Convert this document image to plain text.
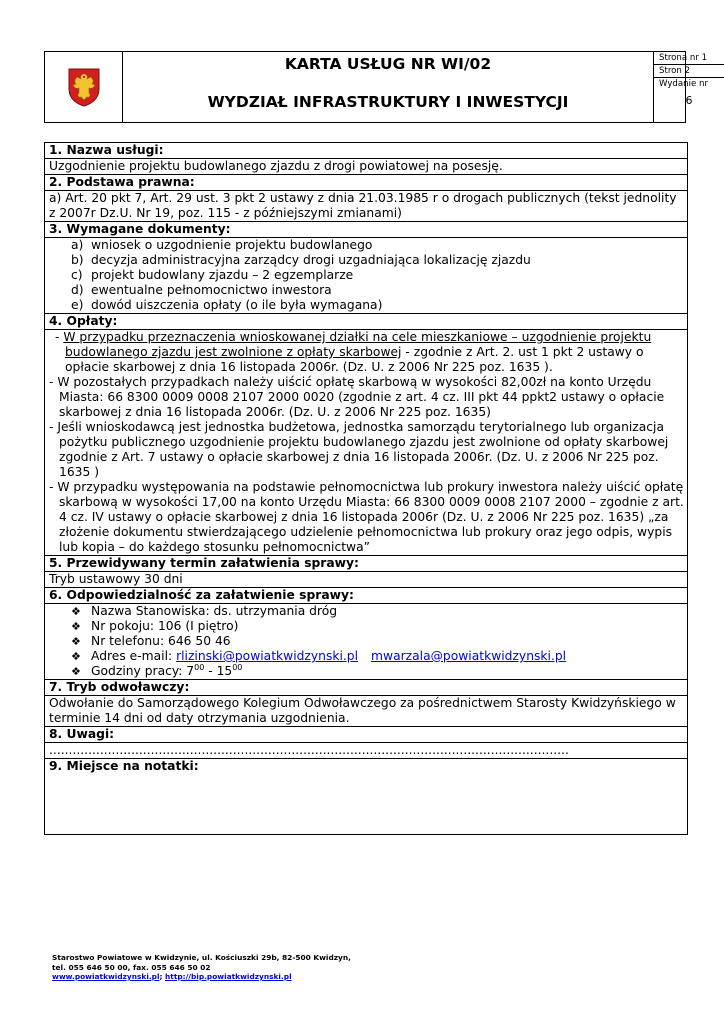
KARTA USŁUG NR WI/02
WYDZIAŁ INFRASTRUKTURY I INWESTYCJI
Strona nr 1
Stron 2
Wydanie nr
6
1. Nazwa usługi:
Uzgodnienie projektu budowlanego zjazdu z drogi powiatowej na posesję.
2. Podstawa prawna:
a) Art. 20 pkt 7, Art. 29 ust. 3 pkt 2 ustawy z dnia 21.03.1985 r o drogach publicznych (tekst jednolity z 2007r Dz.U. Nr 19, poz. 115 - z późniejszymi zmianami)
3. Wymagane dokumenty:
a) wniosek o uzgodnienie projektu budowlanego
b) decyzja administracyjna zarządcy drogi uzgadniająca lokalizację zjazdu
c) projekt budowlany zjazdu – 2 egzemplarze
d) ewentualne pełnomocnictwo inwestora
e) dowód uiszczenia opłaty (o ile była wymagana)
4. Opłaty:
- W przypadku przeznaczenia wnioskowanej działki na cele mieszkaniowe – uzgodnienie projektu budowlanego zjazdu jest zwolnione z opłaty skarbowej - zgodnie z Art. 2. ust 1 pkt 2 ustawy o opłacie skarbowej z dnia 16 listopada 2006r. (Dz. U. z 2006 Nr 225 poz. 1635 ).
- W pozostałych przypadkach należy uiścić opłatę skarbową w wysokości 82,00zł na konto Urzędu Miasta: 66 8300 0009 0008 2107 2000 0020 (zgodnie z art. 4 cz. III pkt 44 ppkt2 ustawy o opłacie skarbowej z dnia 16 listopada 2006r. (Dz. U. z 2006 Nr 225 poz. 1635)
- Jeśli wnioskodawcą jest jednostka budżetowa, jednostka samorządu terytorialnego lub organizacja pożytku publicznego uzgodnienie projektu budowlanego zjazdu jest zwolnione od opłaty skarbowej zgodnie z Art. 7 ustawy o opłacie skarbowej z dnia 16 listopada 2006r. (Dz. U. z 2006 Nr 225 poz. 1635 )
- W przypadku występowania na podstawie pełnomocnictwa lub prokury inwestora należy uiścić opłatę skarbową w wysokości 17,00 na konto Urzędu Miasta: 66 8300 0009 0008 2107 2000 – zgodnie z art. 4 cz. IV ustawy o opłacie skarbowej z dnia 16 listopada 2006r (Dz. U. z 2006 Nr 225 poz. 1635) „za złożenie dokumentu stwierdzającego udzielenie pełnomocnictwa lub prokury oraz jego odpis, wypis lub kopia – do każdego stosunku pełnomocnictwa”
5. Przewidywany termin załatwienia sprawy:
Tryb ustawowy 30 dni
6. Odpowiedzialność za załatwienie sprawy:
❖ Nazwa Stanowiska: ds. utrzymania dróg
❖ Nr pokoju: 106 (I piętro)
❖ Nr telefonu: 646 50 46
❖ Adres e-mail: rlizinski@powiatkwidzynski.pl mwarzala@powiatkwidzynski.pl
❖ Godziny pracy: $7^{00} - 15^{00}$
7. Tryb odwoławczy:
Odwołanie do Samorządowego Kolegium Odwoławczego za pośrednictwem Starosty Kwidzyńskiego w terminie 14 dni od daty otrzymania uzgodnienia.
8. Uwagi:
.....................................................................................................................................
9. Miejsce na notatki:
Starostwo Powiatowe w Kwidzynie, ul. Kościuszki 29b, 82-500 Kwidzyn,
tel. 055 646 50 00, fax. 055 646 50 02
www.powiatkwidzynski.pl; http://bip.powiatkwidzynski.pl
